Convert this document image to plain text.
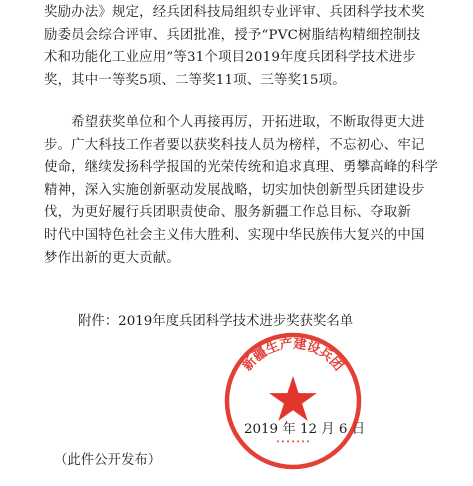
奖励办法》规定，经兵团科技局组织专业评审、兵团科学技术奖
励委员会综合评审、兵团批准，授予“PVC树脂结构精细控制技
术和功能化工业应用”等31个项目2019年度兵团科学技术进步
奖，其中一等奖5项、二等奖11项、三等奖15项。

　　希望获奖单位和个人再接再厉，开拓进取，不断取得更大进
步。广大科技工作者要以获奖科技人员为榜样，不忘初心、牢记
使命，继续发扬科学报国的光荣传统和追求真理、勇攀高峰的科学
精神，深入实施创新驱动发展战略，切实加快创新型兵团建设步
伐，为更好履行兵团职责使命、服务新疆工作总目标、夺取新
时代中国特色社会主义伟大胜利、实现中华民族伟大复兴的中国
梦作出新的更大贡献。

附件：2019年度兵团科学技术进步奖获奖名单
2019 年 12 月 6 日
（此件公开发布）
新疆生产建设兵团
• • • • • • •
